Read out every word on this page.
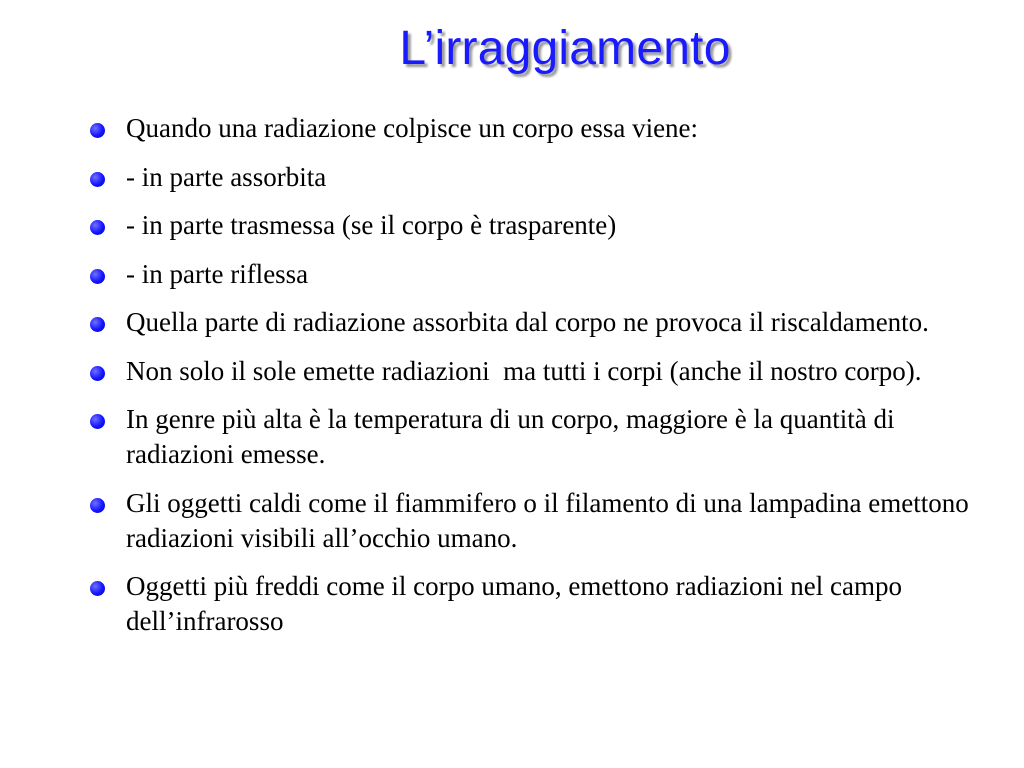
L’irraggiamento
Quando una radiazione colpisce un corpo essa viene:
- in parte assorbita
- in parte trasmessa (se il corpo è trasparente)
- in parte riflessa
Quella parte di radiazione assorbita dal corpo ne provoca il riscaldamento.
Non solo il sole emette radiazioni  ma tutti i corpi (anche il nostro corpo).
In genre più alta è la temperatura di un corpo, maggiore è la quantità di radiazioni emesse.
Gli oggetti caldi come il fiammifero o il filamento di una lampadina emettono radiazioni visibili all’occhio umano.
Oggetti più freddi come il corpo umano, emettono radiazioni nel campo dell’infrarosso
